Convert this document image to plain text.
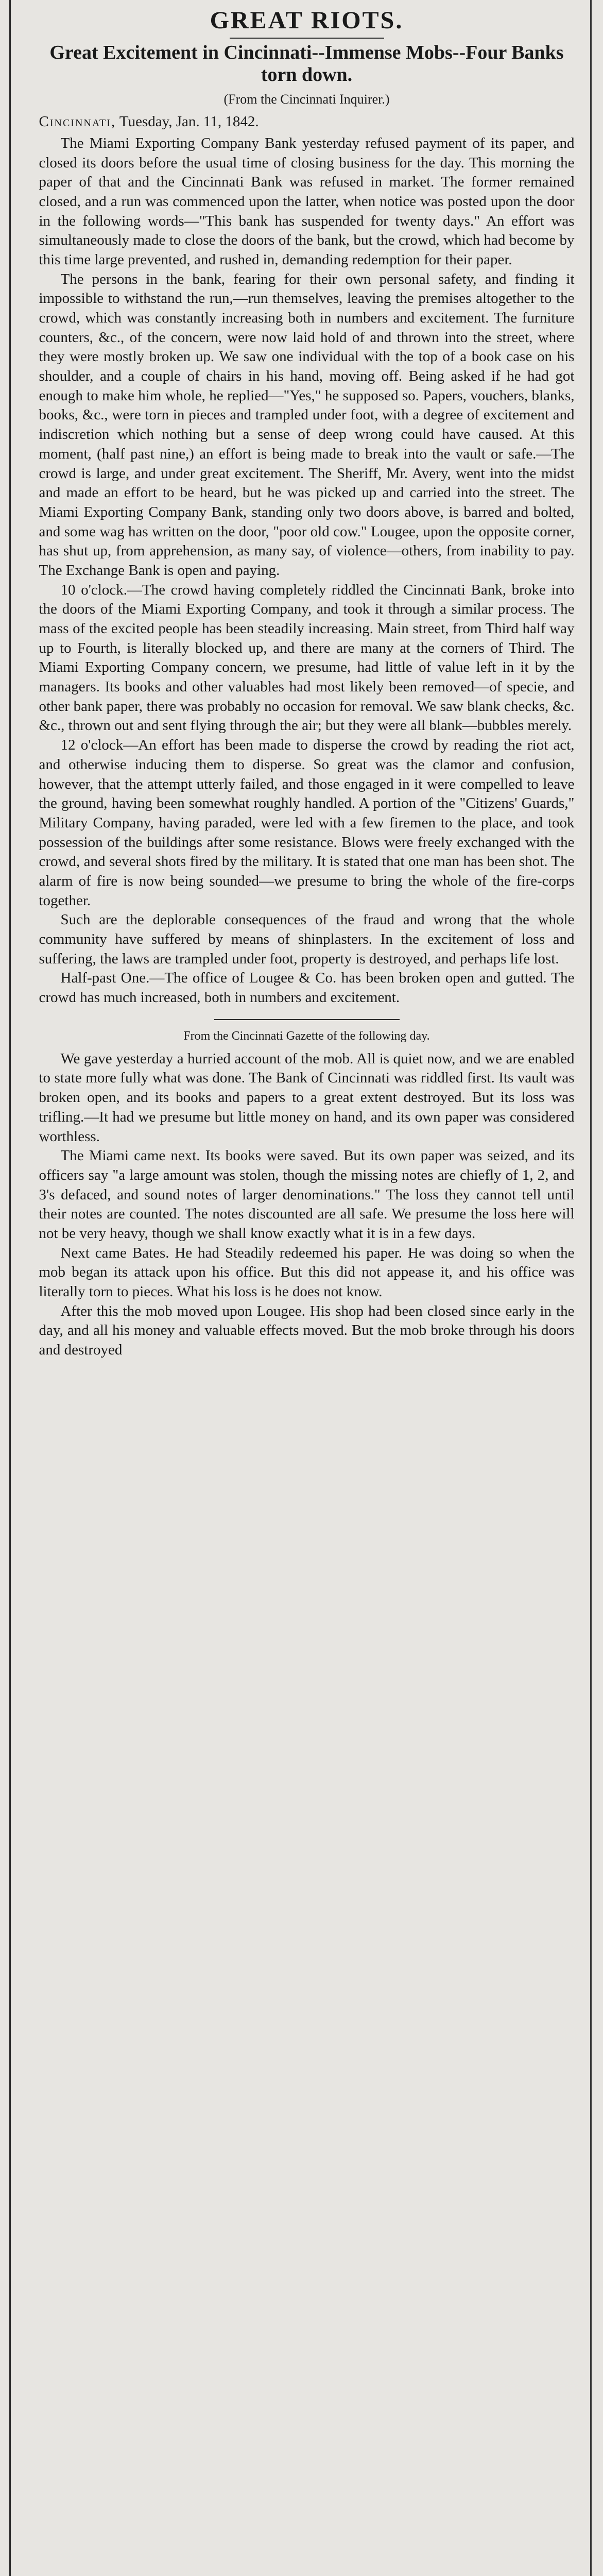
GREAT RIOTS.
Great Excitement in Cincinnati--Immense Mobs--Four Banks torn down.
(From the Cincinnati Inquirer.)
Cincinnati, Tuesday, Jan. 11, 1842.

The Miami Exporting Company Bank yesterday refused payment of its paper, and closed its doors before the usual time of closing business for the day. This morning the paper of that and the Cincinnati Bank was refused in market. The former remained closed, and a run was commenced upon the latter, when notice was posted upon the door in the following words—"This bank has suspended for twenty days." An effort was simultaneously made to close the doors of the bank, but the crowd, which had become by this time large prevented, and rushed in, demanding redemption for their paper.

The persons in the bank, fearing for their own personal safety, and finding it impossible to withstand the run,—run themselves, leaving the premises altogether to the crowd, which was constantly increasing both in numbers and excitement. The furniture counters, &c., of the concern, were now laid hold of and thrown into the street, where they were mostly broken up. We saw one individual with the top of a book case on his shoulder, and a couple of chairs in his hand, moving off. Being asked if he had got enough to make him whole, he replied—"Yes," he supposed so. Papers, vouchers, blanks, books, &c., were torn in pieces and trampled under foot, with a degree of excitement and indiscretion which nothing but a sense of deep wrong could have caused. At this moment, (half past nine,) an effort is being made to break into the vault or safe.—The crowd is large, and under great excitement. The Sheriff, Mr. Avery, went into the midst and made an effort to be heard, but he was picked up and carried into the street. The Miami Exporting Company Bank, standing only two doors above, is barred and bolted, and some wag has written on the door, "poor old cow." Lougee, upon the opposite corner, has shut up, from apprehension, as many say, of violence—others, from inability to pay. The Exchange Bank is open and paying.

10 o'clock.—The crowd having completely riddled the Cincinnati Bank, broke into the doors of the Miami Exporting Company, and took it through a similar process. The mass of the excited people has been steadily increasing. Main street, from Third half way up to Fourth, is literally blocked up, and there are many at the corners of Third. The Miami Exporting Company concern, we presume, had little of value left in it by the managers. Its books and other valuables had most likely been removed—of specie, and other bank paper, there was probably no occasion for removal. We saw blank checks, &c. &c., thrown out and sent flying through the air; but they were all blank—bubbles merely.

12 o'clock—An effort has been made to disperse the crowd by reading the riot act, and otherwise inducing them to disperse. So great was the clamor and confusion, however, that the attempt utterly failed, and those engaged in it were compelled to leave the ground, having been somewhat roughly handled. A portion of the "Citizens' Guards," Military Company, having paraded, were led with a few firemen to the place, and took possession of the buildings after some resistance. Blows were freely exchanged with the crowd, and several shots fired by the military. It is stated that one man has been shot. The alarm of fire is now being sounded—we presume to bring the whole of the fire-corps together.

Such are the deplorable consequences of the fraud and wrong that the whole community have suffered by means of shinplasters. In the excitement of loss and suffering, the laws are trampled under foot, property is destroyed, and perhaps life lost.

Half-past One.—The office of Lougee & Co. has been broken open and gutted. The crowd has much increased, both in numbers and excitement.

From the Cincinnati Gazette of the following day.

We gave yesterday a hurried account of the mob. All is quiet now, and we are enabled to state more fully what was done. The Bank of Cincinnati was riddled first. Its vault was broken open, and its books and papers to a great extent destroyed. But its loss was trifling.—It had we presume but little money on hand, and its own paper was considered worthless.

The Miami came next. Its books were saved. But its own paper was seized, and its officers say "a large amount was stolen, though the missing notes are chiefly of 1, 2, and 3's defaced, and sound notes of larger denominations." The loss they cannot tell until their notes are counted. The notes discounted are all safe. We presume the loss here will not be very heavy, though we shall know exactly what it is in a few days.

Next came Bates. He had Steadily redeemed his paper. He was doing so when the mob began its attack upon his office. But this did not appease it, and his office was literally torn to pieces. What his loss is he does not know.

After this the mob moved upon Lougee. His shop had been closed since early in the day, and all his money and valuable effects moved. But the mob broke through his doors and destroyed
